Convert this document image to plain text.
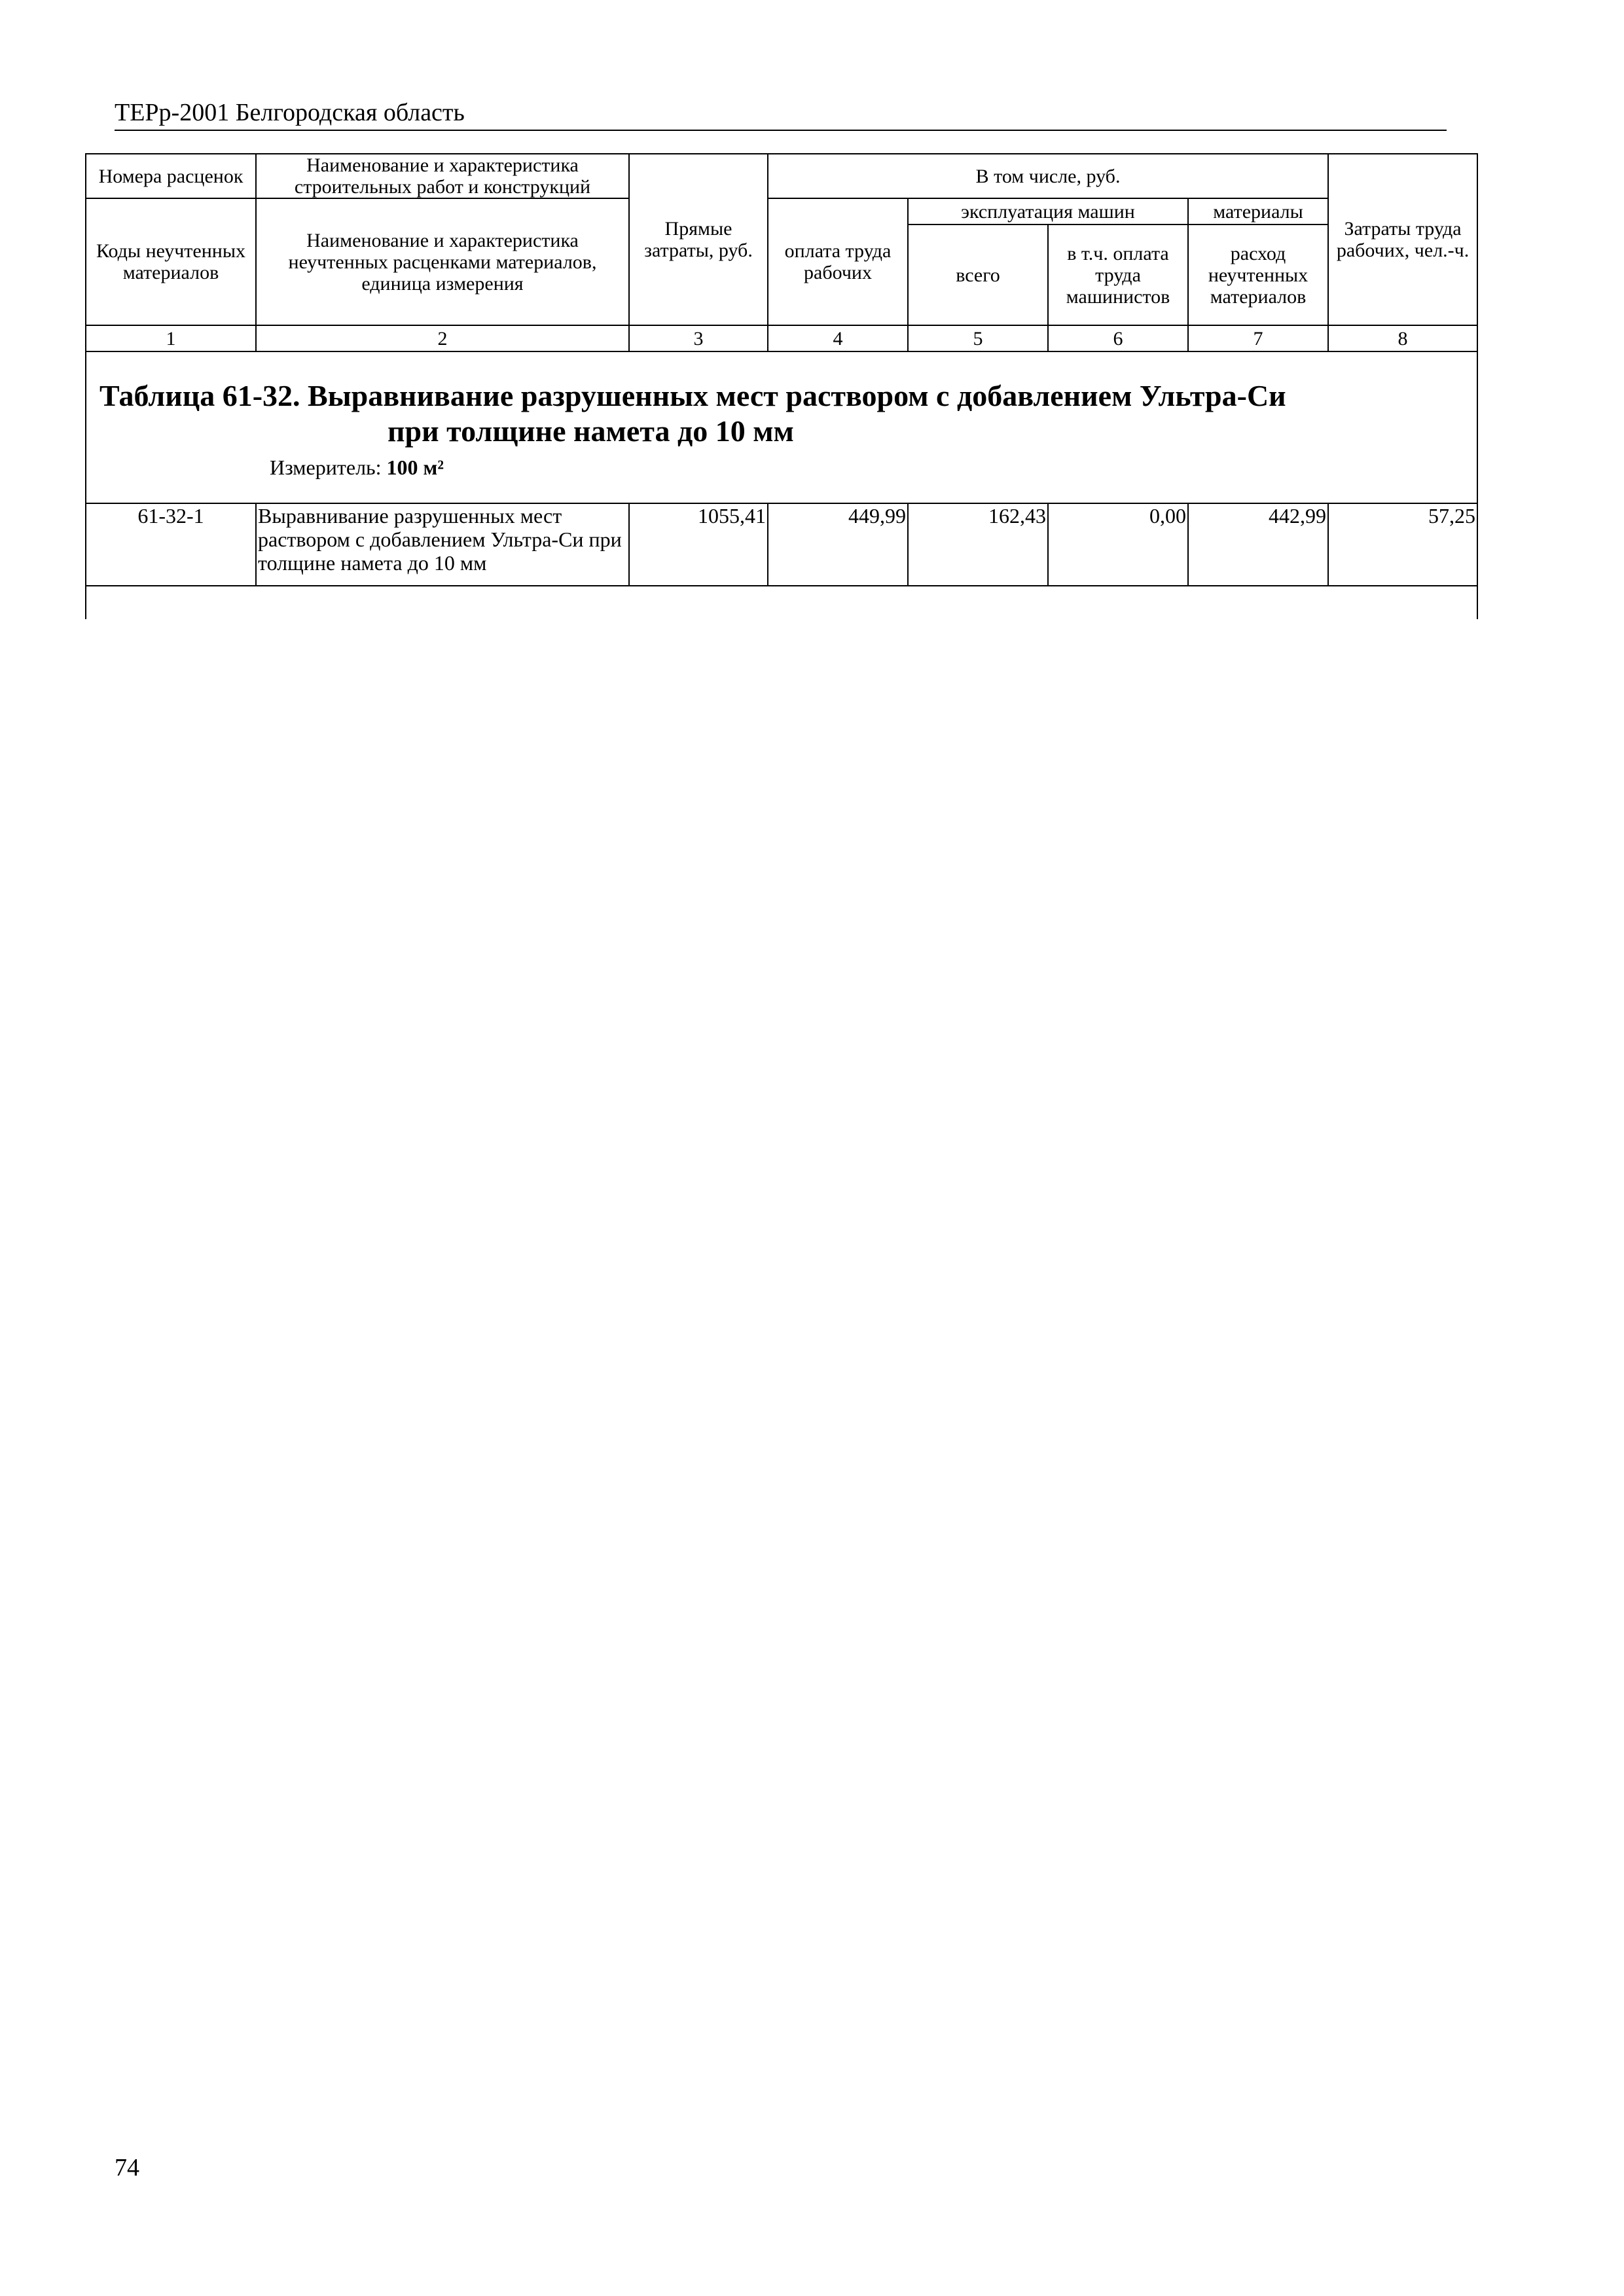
ТЕРр-2001 Белгородская область
Номера расценок	Наименование и характеристика строительных работ и конструкций	Прямые затраты, руб.	В том числе, руб.				Затраты труда рабочих, чел.-ч.
Коды неучтенных материалов	Наименование и характеристика неучтенных расценками материалов, единица измерения		оплата труда рабочих	эксплуатация машин		материалы	
				всего	в т.ч. оплата труда машинистов	расход неучтенных материалов	
1	2	3	4	5	6	7	8

Таблица 61-32. Выравнивание разрушенных мест раствором с добавлением Ультра-Си
при толщине намета до 10 мм
Измеритель: 100 м²							

61-32-1	Выравнивание разрушенных мест раствором с добавлением Ультра-Си при толщине намета до 10 мм	1055,41	449,99	162,43	0,00	442,99	57,25

74
